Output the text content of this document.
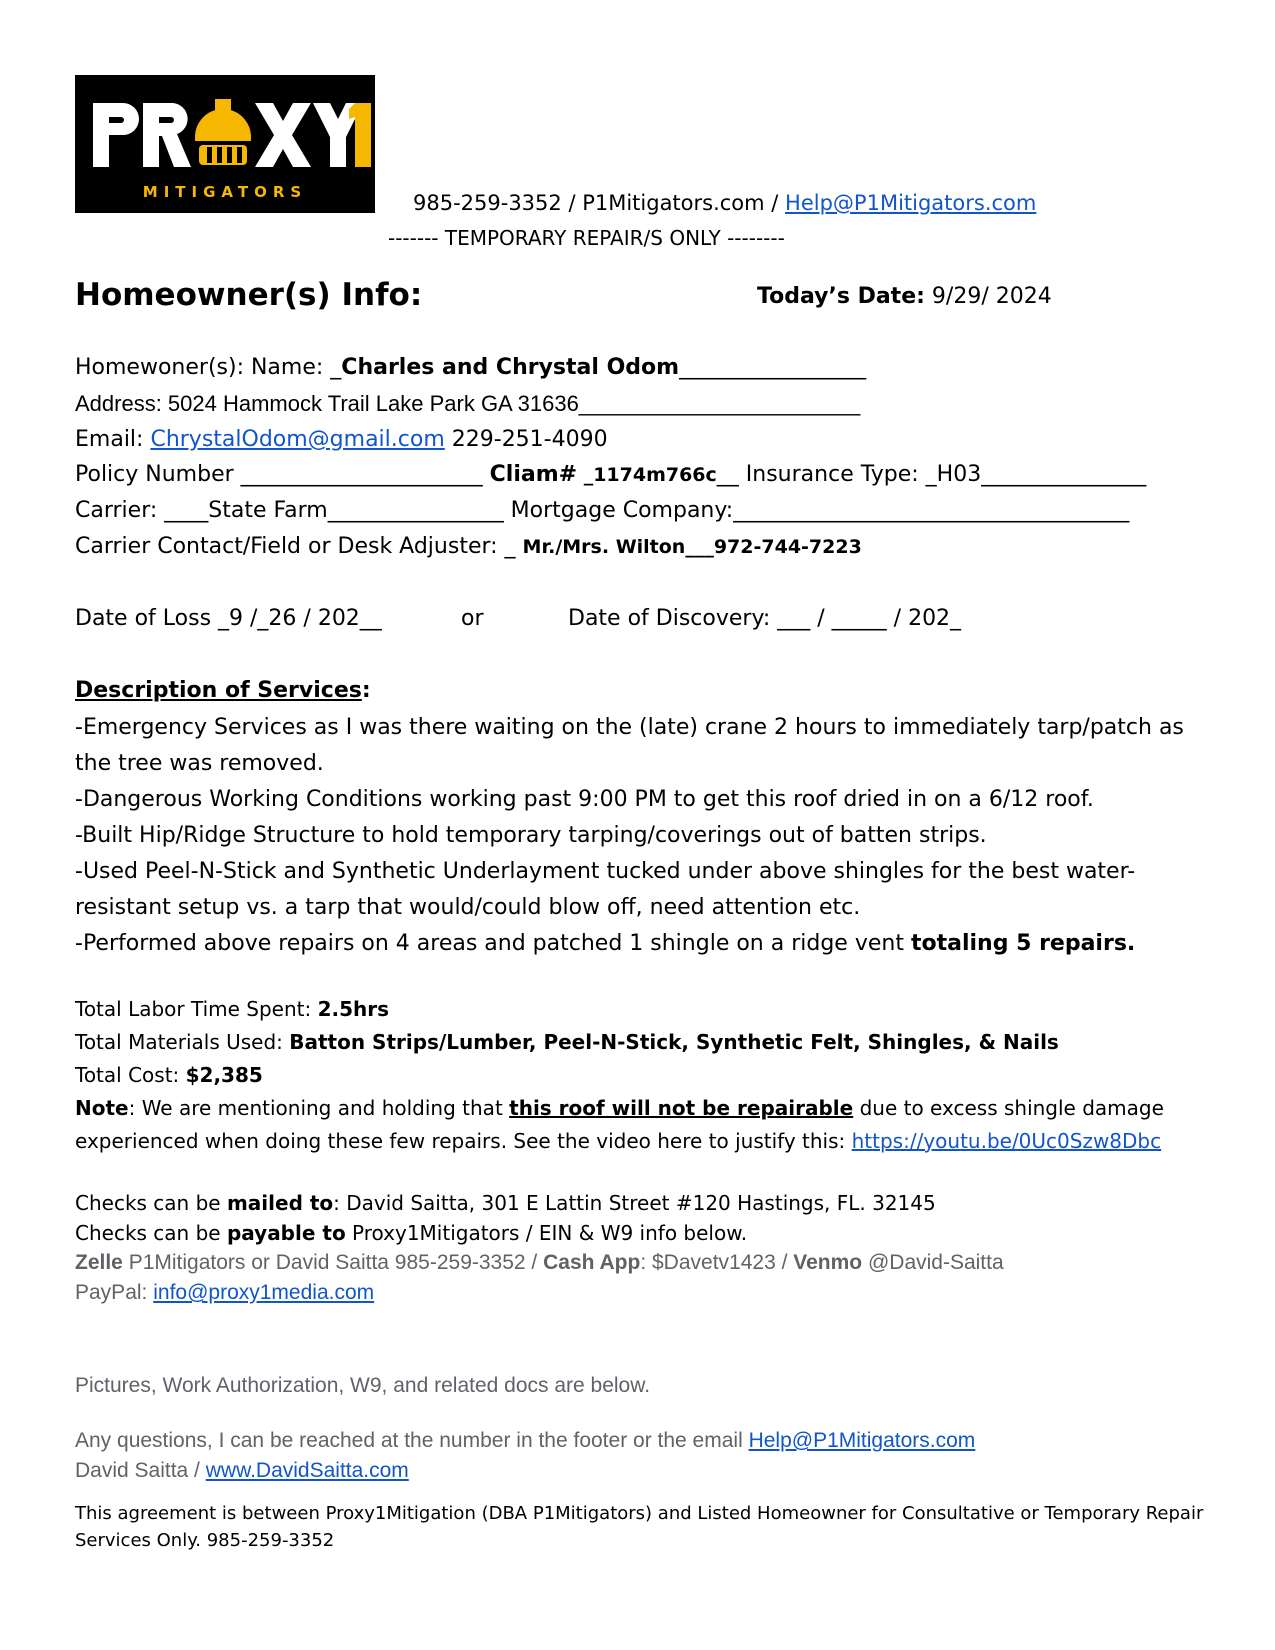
MITIGATORS	985-259-3352 / P1Mitigators.com / Help@P1Mitigators.com
------- TEMPORARY REPAIR/S ONLY --------
Homeowner(s) Info:	Today’s Date: 9/29/ 2024
Homewoner(s): Name: _Charles and Chrystal Odom_________________
Address: 5024 Hammock Trail Lake Park GA 31636_______________________
Email: ChrystalOdom@gmail.com 229-251-4090
Policy Number ______________________ Cliam# _1174m766c__ Insurance Type: _H03_______________
Carrier: ____State Farm________________ Mortgage Company:____________________________________
Carrier Contact/Field or Desk Adjuster: _ Mr./Mrs. Wilton___972-744-7223
Date of Loss _9 /_26 / 202__	or	Date of Discovery: ___ / _____ / 202_
Description of Services:

-Emergency Services as I was there waiting on the (late) crane 2 hours to immediately tarp/patch as the tree was removed.

-Dangerous Working Conditions working past 9:00 PM to get this roof dried in on a 6/12 roof.

-Built Hip/Ridge Structure to hold temporary tarping/coverings out of batten strips.

-Used Peel-N-Stick and Synthetic Underlayment tucked under above shingles for the best water-resistant setup vs. a tarp that would/could blow off, need attention etc.

-Performed above repairs on 4 areas and patched 1 shingle on a ridge vent totaling 5 repairs.

Total Labor Time Spent: 2.5hrs

Total Materials Used: Batton Strips/Lumber, Peel-N-Stick, Synthetic Felt, Shingles, & Nails

Total Cost: $2,385

Note: We are mentioning and holding that this roof will not be repairable due to excess shingle damage experienced when doing these few repairs. See the video here to justify this: https://youtu.be/0Uc0Szw8Dbc

Checks can be mailed to: David Saitta, 301 E Lattin Street #120 Hastings, FL. 32145

Checks can be payable to Proxy1Mitigators / EIN & W9 info below.

Zelle P1Mitigators or David Saitta 985-259-3352 / Cash App: $Davetv1423 / Venmo @David-Saitta

PayPal: info@proxy1media.com

Pictures, Work Authorization, W9, and related docs are below.

Any questions, I can be reached at the number in the footer or the email Help@P1Mitigators.com

David Saitta / www.DavidSaitta.com

This agreement is between Proxy1Mitigation (DBA P1Mitigators) and Listed Homeowner for Consultative or Temporary Repair Services Only. 985-259-3352
